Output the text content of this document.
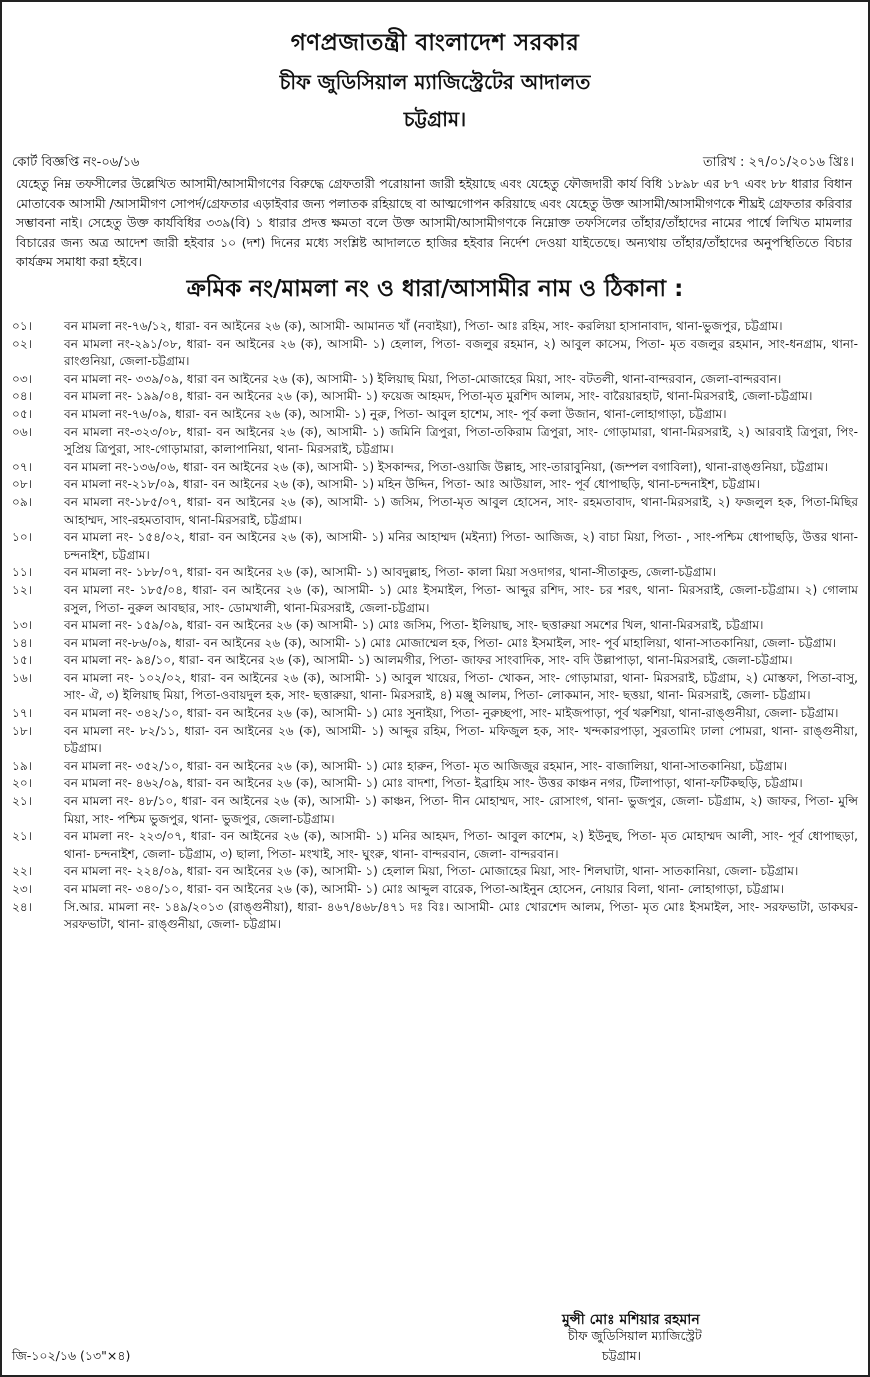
গণপ্রজাতন্ত্রী বাংলাদেশ সরকার
চীফ জুডিসিয়াল ম্যাজিস্ট্রেটের আদালত
চট্টগ্রাম।
কোর্ট বিজ্ঞপ্তি নং-০৬/১৬	তারিখ : ২৭/০১/২০১৬ খ্রিঃ।
যেহেতু নিম্ন তফসীলের উল্লেখিত আসামী/আসামীগণের বিরুদ্ধে গ্রেফতারী পরোয়ানা জারী হইয়াছে এবং যেহেতু ফৌজদারী কার্য বিধি ১৮৯৮ এর ৮৭ এবং ৮৮ ধারার বিধান মোতাবেক আসামী /আসামীগণ সোপর্দ/গ্রেফতার এড়াইবার জন্য পলাতক রহিয়াছে বা আত্মগোপন করিয়াছে এবং যেহেতু উক্ত আসামী/আসামীগণকে শীঘ্রই গ্রেফতার করিবার সম্ভাবনা নাই। সেহেতু উক্ত কার্যবিধির ৩৩৯(বি) ১ ধারার প্রদত্ত ক্ষমতা বলে উক্ত আসামী/আসামীগণকে নিম্নোক্ত তফসিলের তাঁহার/তাঁহাদের নামের পার্শ্বে লিখিত মামলার বিচারের জন্য অত্র আদেশ জারী হইবার ১০ (দশ) দিনের মধ্যে সংশ্লিষ্ট আদালতে হাজির হইবার নির্দেশ দেওয়া যাইতেছে। অন্যথায় তাঁহার/তাঁহাদের অনুপস্থিতিতে বিচার কার্যক্রম সমাধা করা হইবে।
ক্রমিক নং/মামলা নং ও ধারা/আসামীর নাম ও ঠিকানা :
০১।	বন মামলা নং-৭৬/১২, ধারা- বন আইনের ২৬ (ক), আসামী- আমানত খাঁ (নবাইয়া), পিতা- আঃ রহিম, সাং- করলিয়া হাসানাবাদ, থানা-ভুজপুর, চট্টগ্রাম।
০২।	বন মামলা নং-২৯১/০৮, ধারা- বন আইনের ২৬ (ক), আসামী- ১) হেলাল, পিতা- বজলুর রহমান, ২) আবুল কাসেম, পিতা- মৃত বজলুর রহমান, সাং-ধনগ্রাম, থানা-রাংগুনিয়া, জেলা-চট্টগ্রাম।
০৩।	বন মামলা নং- ৩৩৯/০৯, ধারা বন আইনের ২৬ (ক), আসামী- ১) ইলিয়াছ মিয়া, পিতা-মোজাহের মিয়া, সাং- বটতলী, থানা-বান্দরবান, জেলা-বান্দরবান।
০৪।	বন মামলা নং- ১৯৯/০৪, ধারা- বন আইনের ২৬ (ক), আসামী- ১) ফয়েজ আহমদ, পিতা-মৃত মুরশিদ আলম, সাং- বারৈয়ারহাট, থানা-মিরসরাই, জেলা-চট্টগ্রাম।
০৫।	বন মামলা নং-৭৬/০৯, ধারা- বন আইনের ২৬ (ক), আসামী- ১) নুরু, পিতা- আবুল হাশেম, সাং- পূর্ব কলা উজান, থানা-লোহাগাড়া, চট্টগ্রাম।
০৬।	বন মামলা নং-৩২৩/০৮, ধারা- বন আইনের ২৬ (ক), আসামী- ১) জমিনি ত্রিপুরা, পিতা-তকিরাম ত্রিপুরা, সাং- গোড়ামারা, থানা-মিরসরাই, ২) আরবাই ত্রিপুরা, পিং-সুপ্রিয় ত্রিপুরা, সাং-গোড়ামারা, কালাপানিয়া, থানা- মিরসরাই, চট্টগ্রাম।
০৭।	বন মামলা নং-১৩৬/০৬, ধারা- বন আইনের ২৬ (ক), আসামী- ১) ইসকান্দর, পিতা-ওয়াজি উল্লাহ, সাং-তারাবুনিয়া, (জম্পল বগাবিলা), থানা-রাঙ্গুনিয়া, চট্টগ্রাম।
০৮।	বন মামলা নং-২১৮/০৯, ধারা- বন আইনের ২৬ (ক), আসামী- ১) মহিন উদ্দিন, পিতা- আঃ আউয়াল, সাং- পূর্ব ধোপাছড়ি, থানা-চন্দনাইশ, চট্টগ্রাম।
০৯।	বন মামলা নং-১৮৫/০৭, ধারা- বন আইনের ২৬ (ক), আসামী- ১) জসিম, পিতা-মৃত আবুল হোসেন, সাং- রহমতাবাদ, থানা-মিরসরাই, ২) ফজলুল হক, পিতা-মিছির আহাম্মদ, সাং-রহমতাবাদ, থানা-মিরসরাই, চট্টগ্রাম।
১০।	বন মামলা নং- ১৫৪/০২, ধারা- বন আইনের ২৬ (ক), আসামী- ১) মনির আহাম্মদ (মইন্যা) পিতা- আজিজ, ২) বাচা মিয়া, পিতা- , সাং-পশ্চিম ধোপাছড়ি, উত্তর থানা-চন্দনাইশ, চট্টগ্রাম।
১১।	বন মামলা নং- ১৮৮/০৭, ধারা- বন আইনের ২৬ (ক), আসামী- ১) আবদুল্লাহ, পিতা- কালা মিয়া সওদাগর, থানা-সীতাকুন্ড, জেলা-চট্টগ্রাম।
১২।	বন মামলা নং- ১৮৫/০৪, ধারা- বন আইনের ২৬ (ক), আসামী- ১) মোঃ ইসমাইল, পিতা- আব্দুর রশিদ, সাং- চর শরৎ, থানা- মিরসরাই, জেলা-চট্টগ্রাম। ২) গোলাম রসুল, পিতা- নুরুল আবছার, সাং- ডোমখালী, থানা-মিরসরাই, জেলা-চট্টগ্রাম।
১৩।	বন মামলা নং- ১৫৯/০৯, ধারা- বন আইনের ২৬ (ক) আসামী- ১) মোঃ জসিম, পিতা- ইলিয়াছ, সাং- ছত্তারুয়া সমশের খিল, থানা-মিরসরাই, চট্টগ্রাম।
১৪।	বন মামলা নং-৮৬/০৯, ধারা- বন আইনের ২৬ (ক), আসামী- ১) মোঃ মোজাম্মেল হক, পিতা- মোঃ ইসমাইল, সাং- পূর্ব মাহালিয়া, থানা-সাতকানিয়া, জেলা- চট্টগ্রাম।
১৫।	বন মামলা নং- ৯৪/১০, ধারা- বন আইনের ২৬ (ক), আসামী- ১) আলমগীর, পিতা- জাফর সাংবাদিক, সাং- বদি উল্লাপাড়া, থানা-মিরসরাই, জেলা-চট্টগ্রাম।
১৬।	বন মামলা নং- ১০২/০২, ধারা- বন আইনের ২৬ (ক), আসামী- ১) আবুল খায়ের, পিতা- খোকন, সাং- গোড়ামারা, থানা- মিরসরাই, চট্টগ্রাম, ২) মোস্তফা, পিতা-বাসু, সাং- ঐ, ৩) ইলিয়াছ মিয়া, পিতা-ওবায়দুল হক, সাং- ছত্তারুয়া, থানা- মিরসরাই, ৪) মঞ্জু আলম, পিতা- লোকমান, সাং- ছত্তয়া, থানা- মিরসরাই, জেলা- চট্টগ্রাম।
১৭।	বন মামলা নং- ৩৪২/১০, ধারা- বন আইনের ২৬ (ক), আসামী- ১) মোঃ সুনাইয়া, পিতা- নুরুচ্ছপা, সাং- মাইজপাড়া, পূর্ব খরুশিয়া, থানা-রাঙ্গুনীয়া, জেলা- চট্টগ্রাম।
১৮।	বন মামলা নং- ৮২/১১, ধারা- বন আইনের ২৬ (ক), আসামী- ১) আব্দুর রহিম, পিতা- মফিজুল হক, সাং- খন্দকারপাড়া, সুরতামিং ঢালা পোমরা, থানা- রাঙ্গুনীয়া, চট্টগ্রাম।
১৯।	বন মামলা নং- ৩৫২/১০, ধারা- বন আইনের ২৬ (ক), আসামী- ১) মোঃ হারুন, পিতা- মৃত আজিজুর রহমান, সাং- বাজালিয়া, থানা-সাতকানিয়া, চট্টগ্রাম।
২০।	বন মামলা নং- ৪৬২/০৯, ধারা- বন আইনের ২৬ (ক), আসামী- ১) মোঃ বাদশা, পিতা- ইব্রাহিম সাং- উত্তর কাঞ্চন নগর, টিলাপাড়া, থানা-ফটিকছড়ি, চট্টগ্রাম।
২১।	বন মামলা নং- ৪৮/১০, ধারা- বন আইনের ২৬ (ক), আসামী- ১) কাঞ্চন, পিতা- দীন মোহাম্মদ, সাং- রোসাংগ, থানা- ভুজপুর, জেলা- চট্টগ্রাম, ২) জাফর, পিতা- মুন্সি মিয়া, সাং- পশ্চিম ভুজপুর, থানা- ভুজপুর, জেলা-চট্টগ্রাম।
২১।	বন মামলা নং- ২২৩/০৭, ধারা- বন আইনের ২৬ (ক), আসামী- ১) মনির আহমদ, পিতা- আবুল কাশেম, ২) ইউনুছ, পিতা- মৃত মোহাম্মদ আলী, সাং- পূর্ব ধোপাছড়া, থানা- চন্দনাইশ, জেলা- চট্টগ্রাম, ৩) ছালা, পিতা- মংখাই, সাং- ঘুংরু, থানা- বান্দরবান, জেলা- বান্দরবান।
২২।	বন মামলা নং- ২২৪/০৯, ধারা- বন আইনের ২৬ (ক), আসামী- ১) হেলাল মিয়া, পিতা- মোজাহের মিয়া, সাং- শিলঘাটা, থানা- সাতকানিয়া, জেলা- চট্টগ্রাম।
২৩।	বন মামলা নং- ৩৪০/১০, ধারা- বন আইনের ২৬ (ক), আসামী- ১) মোঃ আব্দুল বারেক, পিতা-আইনুন হোসেন, নোয়ার বিলা, থানা- লোহাগাড়া, চট্টগ্রাম।
২৪।	সি.আর. মামলা নং- ১৪৯/২০১৩ (রাঙ্গুনীয়া), ধারা- ৪৬৭/৪৬৮/৪৭১ দঃ বিঃ। আসামী- মোঃ খোরশেদ আলম, পিতা- মৃত মোঃ ইসমাইল, সাং- সরফভাটা, ডাকঘর- সরফভাটা, থানা- রাঙ্গুনীয়া, জেলা- চট্টগ্রাম।
মুন্সী মোঃ মশিয়ার রহমান
চীফ জুডিসিয়াল ম্যাজিস্ট্রেট
চট্টগ্রাম।
জি-১০২/১৬ (১৩"×৪)
